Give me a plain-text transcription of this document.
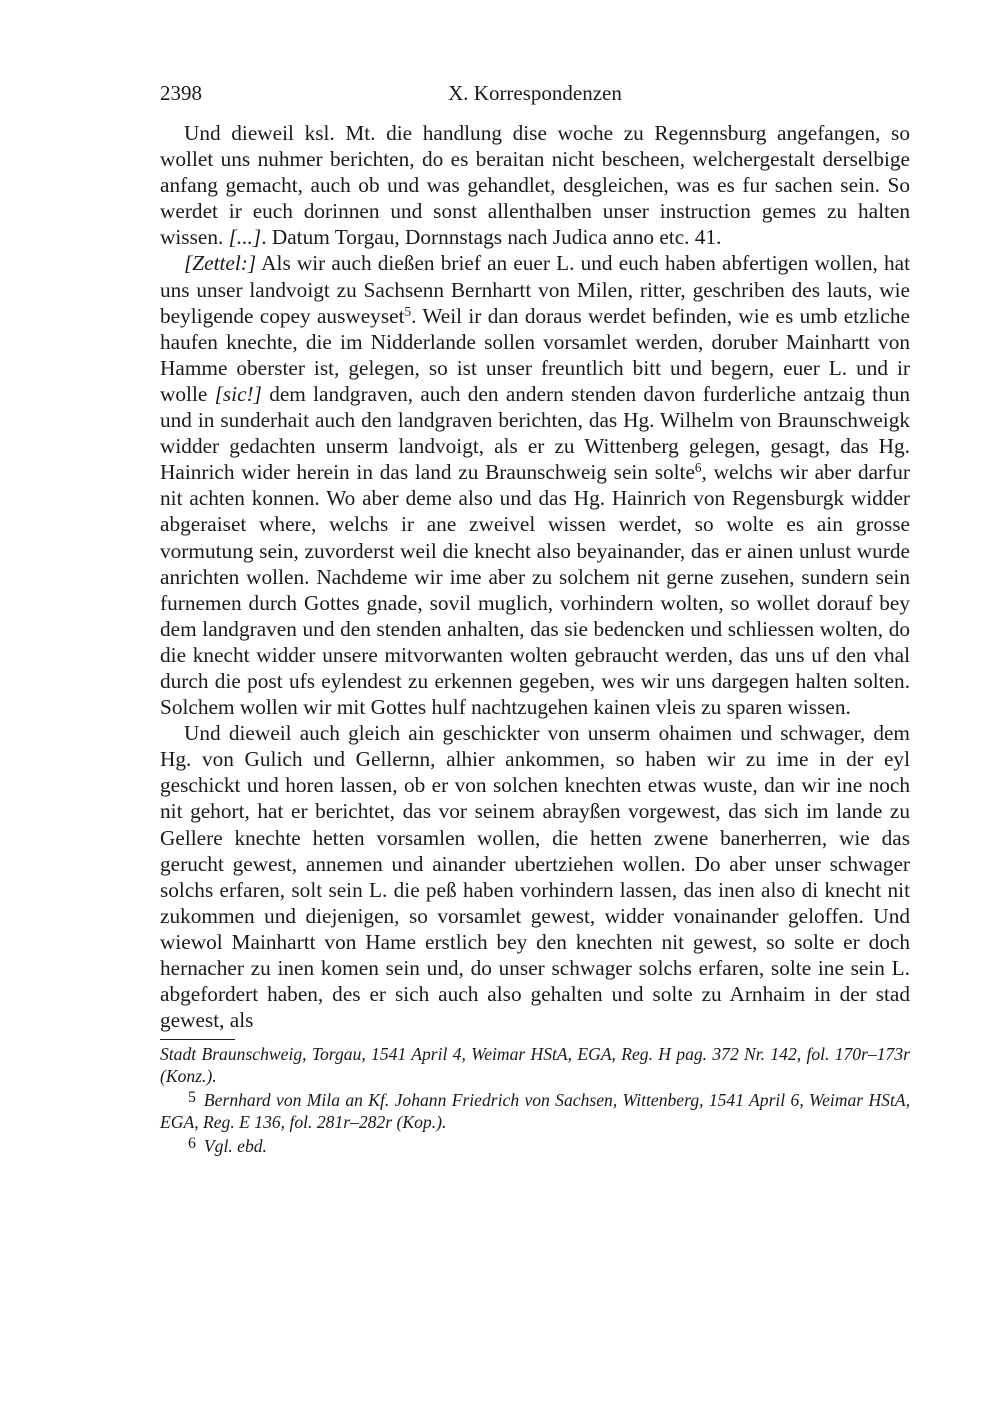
2398	X. Korrespondenzen

Und dieweil ksl. Mt. die handlung dise woche zu Regennsburg angefangen, so wollet uns nuhmer berichten, do es beraitan nicht bescheen, welchergestalt derselbige anfang gemacht, auch ob und was gehandlet, desgleichen, was es fur sachen sein. So werdet ir euch dorinnen und sonst allenthalben unser instruction gemes zu halten wissen. [...]. Datum Torgau, Dornnstags nach Judica anno etc. 41.

[Zettel:] Als wir auch dießen brief an euer L. und euch haben abfertigen wollen, hat uns unser landvoigt zu Sachsenn Bernhartt von Milen, ritter, geschriben des lauts, wie beyligende copey ausweyset$^5$. Weil ir dan doraus werdet befinden, wie es umb etzliche haufen knechte, die im Nidderlande sollen vorsamlet werden, doruber Mainhartt von Hamme oberster ist, gelegen, so ist unser freuntlich bitt und begern, euer L. und ir wolle [sic!] dem landgraven, auch den andern stenden davon furderliche antzaig thun und in sunderhait auch den landgraven berichten, das Hg. Wilhelm von Braunschweigk widder gedachten unserm landvoigt, als er zu Wittenberg gelegen, gesagt, das Hg. Hainrich wider herein in das land zu Braunschweig sein solte$^6$, welchs wir aber darfur nit achten konnen. Wo aber deme also und das Hg. Hainrich von Regensburgk widder abgeraiset where, welchs ir ane zweivel wissen werdet, so wolte es ain grosse vormutung sein, zuvorderst weil die knecht also beyainander, das er ainen unlust wurde anrichten wollen. Nachdeme wir ime aber zu solchem nit gerne zusehen, sundern sein furnemen durch Gottes gnade, sovil muglich, vorhindern wolten, so wollet dorauf bey dem landgraven und den stenden anhalten, das sie bedencken und schliessen wolten, do die knecht widder unsere mitvorwanten wolten gebraucht werden, das uns uf den vhal durch die post ufs eylendest zu erkennen gegeben, wes wir uns dargegen halten solten. Solchem wollen wir mit Gottes hulf nachtzugehen kainen vleis zu sparen wissen.

Und dieweil auch gleich ain geschickter von unserm ohaimen und schwager, dem Hg. von Gulich und Gellernn, alhier ankommen, so haben wir zu ime in der eyl geschickt und horen lassen, ob er von solchen knechten etwas wuste, dan wir ine noch nit gehort, hat er berichtet, das vor seinem abrayßen vorgewest, das sich im lande zu Gellere knechte hetten vorsamlen wollen, die hetten zwene banerherren, wie das gerucht gewest, annemen und ainander ubertziehen wollen. Do aber unser schwager solchs erfaren, solt sein L. die peß haben vorhindern lassen, das inen also di knecht nit zukommen und diejenigen, so vorsamlet gewest, widder vonainander geloffen. Und wiewol Mainhartt von Hame erstlich bey den knechten nit gewest, so solte er doch hernacher zu inen komen sein und, do unser schwager solchs erfaren, solte ine sein L. abgefordert haben, des er sich auch also gehalten und solte zu Arnhaim in der stad gewest, als

Stadt Braunschweig, Torgau, 1541 April 4, Weimar HStA, EGA, Reg. H pag. 372 Nr. 142, fol. 170r–173r (Konz.).

5 Bernhard von Mila an Kf. Johann Friedrich von Sachsen, Wittenberg, 1541 April 6, Weimar HStA, EGA, Reg. E 136, fol. 281r–282r (Kop.).

6 Vgl. ebd.
